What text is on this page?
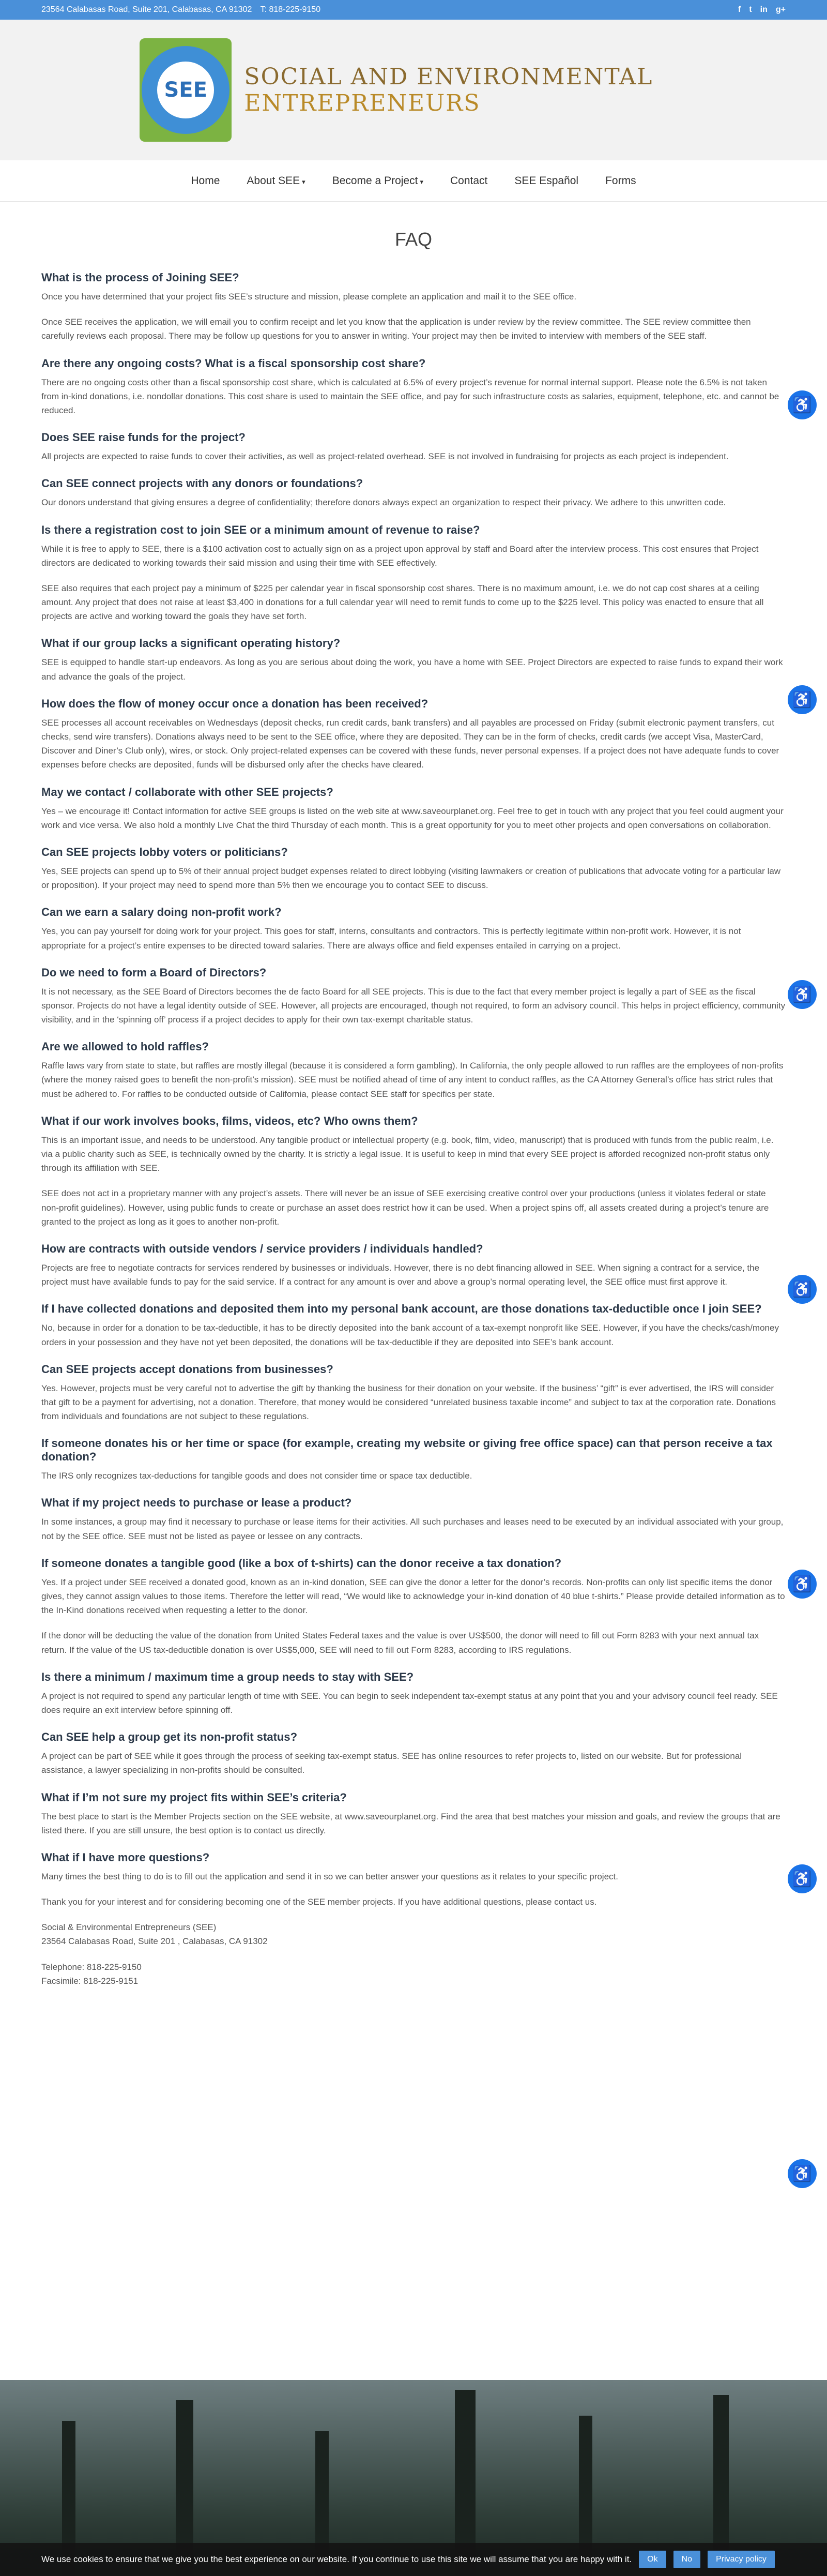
23564 Calabasas Road, Suite 201, Calabasas, CA 91302 T: 818-225-9150	f t in g+
SEE	SOCIAL AND ENVIRONMENTAL ENTREPRENEURS
Home About SEE ▾ Become a Project ▾ Contact SEE Español Forms
FAQ
What is the process of Joining SEE?

Once you have determined that your project fits SEE’s structure and mission, please complete an application and mail it to the SEE office.

Once SEE receives the application, we will email you to confirm receipt and let you know that the application is under review by the review committee. The SEE review committee then carefully reviews each proposal. There may be follow up questions for you to answer in writing. Your project may then be invited to interview with members of the SEE staff.

Are there any ongoing costs? What is a fiscal sponsorship cost share?

There are no ongoing costs other than a fiscal sponsorship cost share, which is calculated at 6.5% of every project’s revenue for normal internal support. Please note the 6.5% is not taken from in-kind donations, i.e. nondollar donations. This cost share is used to maintain the SEE office, and pay for such infrastructure costs as salaries, equipment, telephone, etc. and cannot be reduced.

Does SEE raise funds for the project?

All projects are expected to raise funds to cover their activities, as well as project-related overhead. SEE is not involved in fundraising for projects as each project is independent.

Can SEE connect projects with any donors or foundations?

Our donors understand that giving ensures a degree of confidentiality; therefore donors always expect an organization to respect their privacy. We adhere to this unwritten code.

Is there a registration cost to join SEE or a minimum amount of revenue to raise?

While it is free to apply to SEE, there is a $100 activation cost to actually sign on as a project upon approval by staff and Board after the interview process. This cost ensures that Project directors are dedicated to working towards their said mission and using their time with SEE effectively.

SEE also requires that each project pay a minimum of $225 per calendar year in fiscal sponsorship cost shares. There is no maximum amount, i.e. we do not cap cost shares at a ceiling amount. Any project that does not raise at least $3,400 in donations for a full calendar year will need to remit funds to come up to the $225 level. This policy was enacted to ensure that all projects are active and working toward the goals they have set forth.

What if our group lacks a significant operating history?

SEE is equipped to handle start-up endeavors. As long as you are serious about doing the work, you have a home with SEE. Project Directors are expected to raise funds to expand their work and advance the goals of the project.

How does the flow of money occur once a donation has been received?

SEE processes all account receivables on Wednesdays (deposit checks, run credit cards, bank transfers) and all payables are processed on Friday (submit electronic payment transfers, cut checks, send wire transfers). Donations always need to be sent to the SEE office, where they are deposited. They can be in the form of checks, credit cards (we accept Visa, MasterCard, Discover and Diner’s Club only), wires, or stock. Only project-related expenses can be covered with these funds, never personal expenses. If a project does not have adequate funds to cover expenses before checks are deposited, funds will be disbursed only after the checks have cleared.

May we contact / collaborate with other SEE projects?

Yes – we encourage it! Contact information for active SEE groups is listed on the web site at www.saveourplanet.org. Feel free to get in touch with any project that you feel could augment your work and vice versa. We also hold a monthly Live Chat the third Thursday of each month. This is a great opportunity for you to meet other projects and open conversations on collaboration.

Can SEE projects lobby voters or politicians?

Yes, SEE projects can spend up to 5% of their annual project budget expenses related to direct lobbying (visiting lawmakers or creation of publications that advocate voting for a particular law or proposition). If your project may need to spend more than 5% then we encourage you to contact SEE to discuss.

Can we earn a salary doing non-profit work?

Yes, you can pay yourself for doing work for your project. This goes for staff, interns, consultants and contractors. This is perfectly legitimate within non-profit work. However, it is not appropriate for a project’s entire expenses to be directed toward salaries. There are always office and field expenses entailed in carrying on a project.

Do we need to form a Board of Directors?

It is not necessary, as the SEE Board of Directors becomes the de facto Board for all SEE projects. This is due to the fact that every member project is legally a part of SEE as the fiscal sponsor. Projects do not have a legal identity outside of SEE. However, all projects are encouraged, though not required, to form an advisory council. This helps in project efficiency, community visibility, and in the ‘spinning off’ process if a project decides to apply for their own tax-exempt charitable status.

Are we allowed to hold raffles?

Raffle laws vary from state to state, but raffles are mostly illegal (because it is considered a form gambling). In California, the only people allowed to run raffles are the employees of non-profits (where the money raised goes to benefit the non-profit’s mission). SEE must be notified ahead of time of any intent to conduct raffles, as the CA Attorney General’s office has strict rules that must be adhered to. For raffles to be conducted outside of California, please contact SEE staff for specifics per state.

What if our work involves books, films, videos, etc? Who owns them?

This is an important issue, and needs to be understood. Any tangible product or intellectual property (e.g. book, film, video, manuscript) that is produced with funds from the public realm, i.e. via a public charity such as SEE, is technically owned by the charity. It is strictly a legal issue. It is useful to keep in mind that every SEE project is afforded recognized non-profit status only through its affiliation with SEE.

SEE does not act in a proprietary manner with any project’s assets. There will never be an issue of SEE exercising creative control over your productions (unless it violates federal or state non-profit guidelines). However, using public funds to create or purchase an asset does restrict how it can be used. When a project spins off, all assets created during a project’s tenure are granted to the project as long as it goes to another non-profit.

How are contracts with outside vendors / service providers / individuals handled?

Projects are free to negotiate contracts for services rendered by businesses or individuals. However, there is no debt financing allowed in SEE. When signing a contract for a service, the project must have available funds to pay for the said service. If a contract for any amount is over and above a group’s normal operating level, the SEE office must first approve it.

If I have collected donations and deposited them into my personal bank account, are those donations tax-deductible once I join SEE?

No, because in order for a donation to be tax-deductible, it has to be directly deposited into the bank account of a tax-exempt nonprofit like SEE. However, if you have the checks/cash/money orders in your possession and they have not yet been deposited, the donations will be tax-deductible if they are deposited into SEE’s bank account.

Can SEE projects accept donations from businesses?

Yes. However, projects must be very careful not to advertise the gift by thanking the business for their donation on your website. If the business’ “gift” is ever advertised, the IRS will consider that gift to be a payment for advertising, not a donation. Therefore, that money would be considered “unrelated business taxable income” and subject to tax at the corporation rate. Donations from individuals and foundations are not subject to these regulations.

If someone donates his or her time or space (for example, creating my website or giving free office space) can that person receive a tax donation?

The IRS only recognizes tax-deductions for tangible goods and does not consider time or space tax deductible.

What if my project needs to purchase or lease a product?

In some instances, a group may find it necessary to purchase or lease items for their activities. All such purchases and leases need to be executed by an individual associated with your group, not by the SEE office. SEE must not be listed as payee or lessee on any contracts.

If someone donates a tangible good (like a box of t-shirts) can the donor receive a tax donation?

Yes. If a project under SEE received a donated good, known as an in-kind donation, SEE can give the donor a letter for the donor’s records. Non-profits can only list specific items the donor gives, they cannot assign values to those items. Therefore the letter will read, “We would like to acknowledge your in-kind donation of 40 blue t-shirts.” Please provide detailed information as to the In-Kind donations received when requesting a letter to the donor.

If the donor will be deducting the value of the donation from United States Federal taxes and the value is over US$500, the donor will need to fill out Form 8283 with your next annual tax return. If the value of the US tax-deductible donation is over US$5,000, SEE will need to fill out Form 8283, according to IRS regulations.

Is there a minimum / maximum time a group needs to stay with SEE?

A project is not required to spend any particular length of time with SEE. You can begin to seek independent tax-exempt status at any point that you and your advisory council feel ready. SEE does require an exit interview before spinning off.

Can SEE help a group get its non-profit status?

A project can be part of SEE while it goes through the process of seeking tax-exempt status. SEE has online resources to refer projects to, listed on our website. But for professional assistance, a lawyer specializing in non-profits should be consulted.

What if I’m not sure my project fits within SEE’s criteria?

The best place to start is the Member Projects section on the SEE website, at www.saveourplanet.org. Find the area that best matches your mission and goals, and review the groups that are listed there. If you are still unsure, the best option is to contact us directly.

What if I have more questions?

Many times the best thing to do is to fill out the application and send it in so we can better answer your questions as it relates to your specific project.

Thank you for your interest and for considering becoming one of the SEE member projects. If you have additional questions, please contact us.

Social & Environmental Entrepreneurs (SEE)
23564 Calabasas Road, Suite 201 , Calabasas, CA 91302

Telephone: 818-225-9150
Facsimile: 818-225-9151

We use cookies to ensure that we give you the best experience on our website. If you continue to use this site we will assume that you are happy with it.	Ok	No	Privacy policy
♿
♿
♿
♿
♿
♿
♿
